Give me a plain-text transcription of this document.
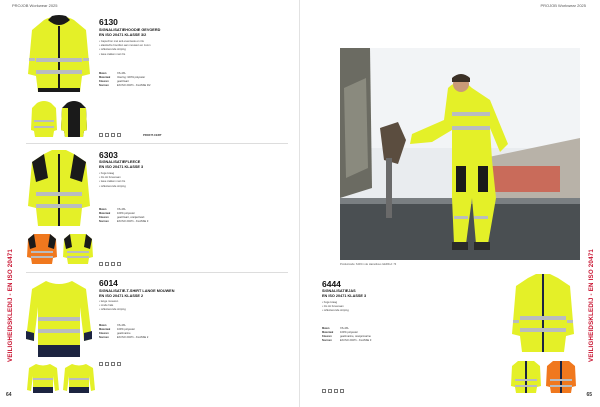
PROJOB Workwear 2025
VEILIGHEIDSKLEDIJ - EN ISO 20471
6130
SIGNALISATIEHOODIE GEVOERD
EN ISO 20471 KLASSE 3/2
• Capuchon met anti-eventuele en rits
• elastische boorden aan mouwen en zoom
• reflecterende striping
• twee zakken met rits
Maten	XS-4XL
Materiaal	Voering: 100% polyester
Kleuren	geel/zwart
Normen	EN ISO 20471 - KLASSE 3/2
PROFIT-CERT
6303
SIGNALISATIEFLEECE
EN ISO 20471 KLASSE 3
• hoge kraag
• rits tot bovenaan
• twee zakken met rits
• reflecterende striping
Maten	XS-4XL
Materiaal	100% polyester
Kleuren	geel/zwart, oranje/zwart
Normen	EN ISO 20471 - KLASSE 3
6014
SIGNALISATIE-T-SHIRT LANGE MOUWEN
EN ISO 20471 KLASSE 2
• lange mouwen
• ronde hals
• reflecterende striping
Maten	XS-4XL
Materiaal	100% polyester
Kleuren	geel/marine
Normen	EN ISO 20471 - KLASSE 2
64
PROJOB Workwear 2025
VEILIGHEIDSKLEDIJ - EN ISO 20471
Productcode: 6403 in de Hazardous GERD-d: 73
6444
SIGNALISATIEJAS
EN ISO 20471 KLASSE 3
• hoge kraag
• rits tot bovenaan
• reflecterende striping
Maten	XS-4XL
Materiaal	100% polyester
Kleuren	geel/marine, oranje/marine
Normen	EN ISO 20471 - KLASSE 3
65
